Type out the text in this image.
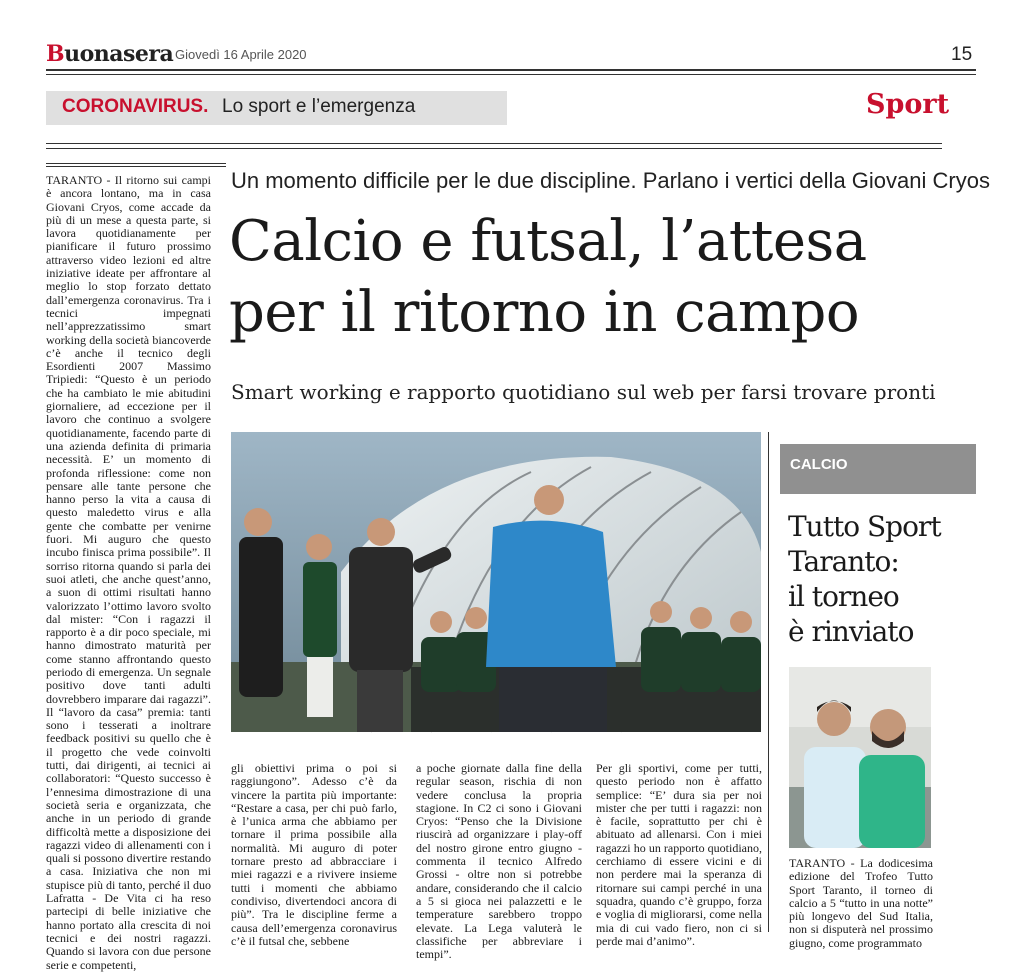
Buonasera Giovedì 16 Aprile 2020	15
CORONAVIRUS. Lo sport e l’emergenza	Sport
Un momento difficile per le due discipline. Parlano i vertici della Giovani Cryos
Calcio e futsal, l’attesa
per il ritorno in campo
Smart working e rapporto quotidiano sul web per farsi trovare pronti

TARANTO - Il ritorno sui campi è ancora lontano, ma in casa Giovani Cryos, come accade da più di un mese a questa parte, si lavora quotidianamente per pianificare il futuro prossimo attraverso video lezioni ed altre iniziative ideate per affrontare al meglio lo stop forzato dettato dall’emergenza coronavirus. Tra i tecnici impegnati nell’apprezzatissimo smart working della società biancoverde c’è anche il tecnico degli Esordienti 2007 Massimo Tripiedi: “Questo è un periodo che ha cambiato le mie abitudini giornaliere, ad eccezione per il lavoro che continuo a svolgere quotidianamente, facendo parte di una azienda definita di primaria necessità. E’ un momento di profonda riflessione: come non pensare alle tante persone che hanno perso la vita a causa di questo maledetto virus e alla gente che combatte per venirne fuori. Mi auguro che questo incubo finisca prima possibile”. Il sorriso ritorna quando si parla dei suoi atleti, che anche quest’anno, a suon di ottimi risultati hanno valorizzato l’ottimo lavoro svolto dal mister: “Con i ragazzi il rapporto è a dir poco speciale, mi hanno dimostrato maturità per come stanno affrontando questo periodo di emergenza. Un segnale positivo dove tanti adulti dovrebbero imparare dai ragazzi”. Il “lavoro da casa” premia: tanti sono i tesserati a inoltrare feedback positivi su quello che è il progetto che vede coinvolti tutti, dai dirigenti, ai tecnici ai collaboratori: “Questo successo è l’ennesima dimostrazione di una società seria e organizzata, che anche in un periodo di grande difficoltà mette a disposizione dei ragazzi video di allenamenti con i quali si possono divertire restando a casa. Iniziativa che non mi stupisce più di tanto, perché il duo Lafratta - De Vita ci ha reso partecipi di belle iniziative che hanno portato alla crescita di noi tecnici e dei nostri ragazzi. Quando si lavora con due persone serie e competenti,

gli obiettivi prima o poi si raggiungono”. Adesso c’è da vincere la partita più importante: “Restare a casa, per chi può farlo, è l’unica arma che abbiamo per tornare il prima possibile alla normalità. Mi auguro di poter tornare presto ad abbracciare i miei ragazzi e a rivivere insieme tutti i momenti che abbiamo condiviso, divertendoci ancora di più”. Tra le discipline ferme a causa dell’emergenza coronavirus c’è il futsal che, sebbene

a poche giornate dalla fine della regular season, rischia di non vedere conclusa la propria stagione. In C2 ci sono i Giovani Cryos: “Penso che la Divisione riuscirà ad organizzare i play-off del nostro girone entro giugno - commenta il tecnico Alfredo Grossi - oltre non si potrebbe andare, considerando che il calcio a 5 si gioca nei palazzetti e le temperature sarebbero troppo elevate. La Lega valuterà le classifiche per abbreviare i tempi”.

Per gli sportivi, come per tutti, questo periodo non è affatto semplice: “E’ dura sia per noi mister che per tutti i ragazzi: non è facile, soprattutto per chi è abituato ad allenarsi. Con i miei ragazzi ho un rapporto quotidiano, cerchiamo di essere vicini e di non perdere mai la speranza di ritornare sui campi perché in una squadra, quando c’è gruppo, forza e voglia di migliorarsi, come nella mia di cui vado fiero, non ci si perde mai d’animo”.

CALCIO
Tutto Sport
Taranto:
il torneo
è rinviato

TARANTO - La dodicesima edizione del Trofeo Tutto Sport Taranto, il torneo di calcio a 5 “tutto in una notte” più longevo del Sud Italia, non si disputerà nel prossimo giugno, come programmato
